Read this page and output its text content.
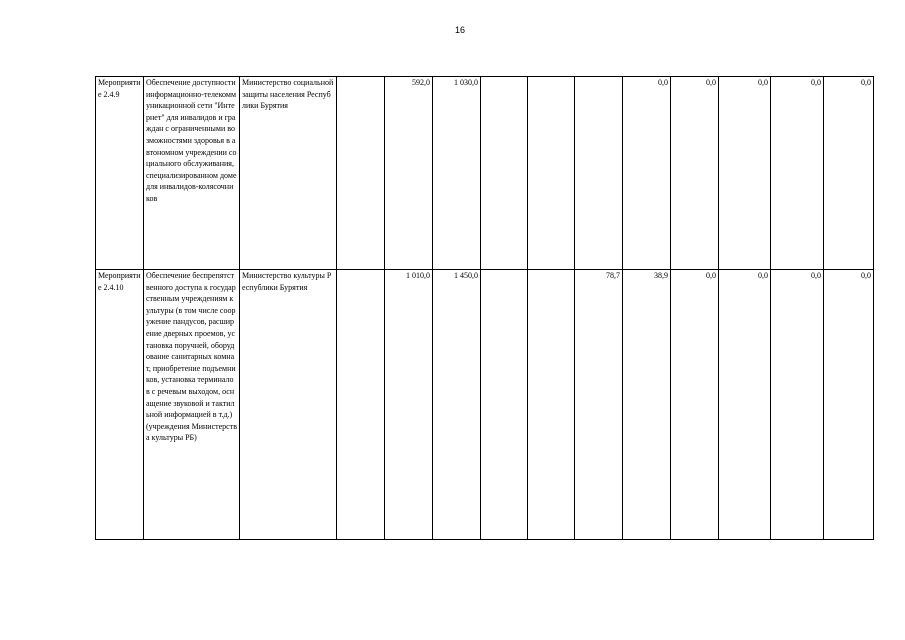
16
Мероприятие 2.4.9	Обеспечение доступности информационно-телекоммуникационной сети "Интернет" для инвалидов и граждан с ограниченными возможностями здоровья в автономном учреждении социального обслуживания, специализированном доме для инвалидов-колясочников	Министерство социальной защиты населения Республики Бурятия		592,0	1 030,0				0,0	0,0	0,0	0,0	0,0
Мероприятие 2.4.10	Обеспечение беспрепятственного доступа к государственным учреждениям культуры (в том числе сооружение пандусов, расширение дверных проемов, установка поручней, оборудование санитарных комнат, приобретение подъемников, установка терминалов с речевым выходом, оснащение звуковой и тактильной информацией в т.д.) (учреждения Министерства культуры РБ)	Министерство культуры Республики Бурятия		1 010,0	1 450,0			78,7	38,9	0,0	0,0	0,0	0,0
